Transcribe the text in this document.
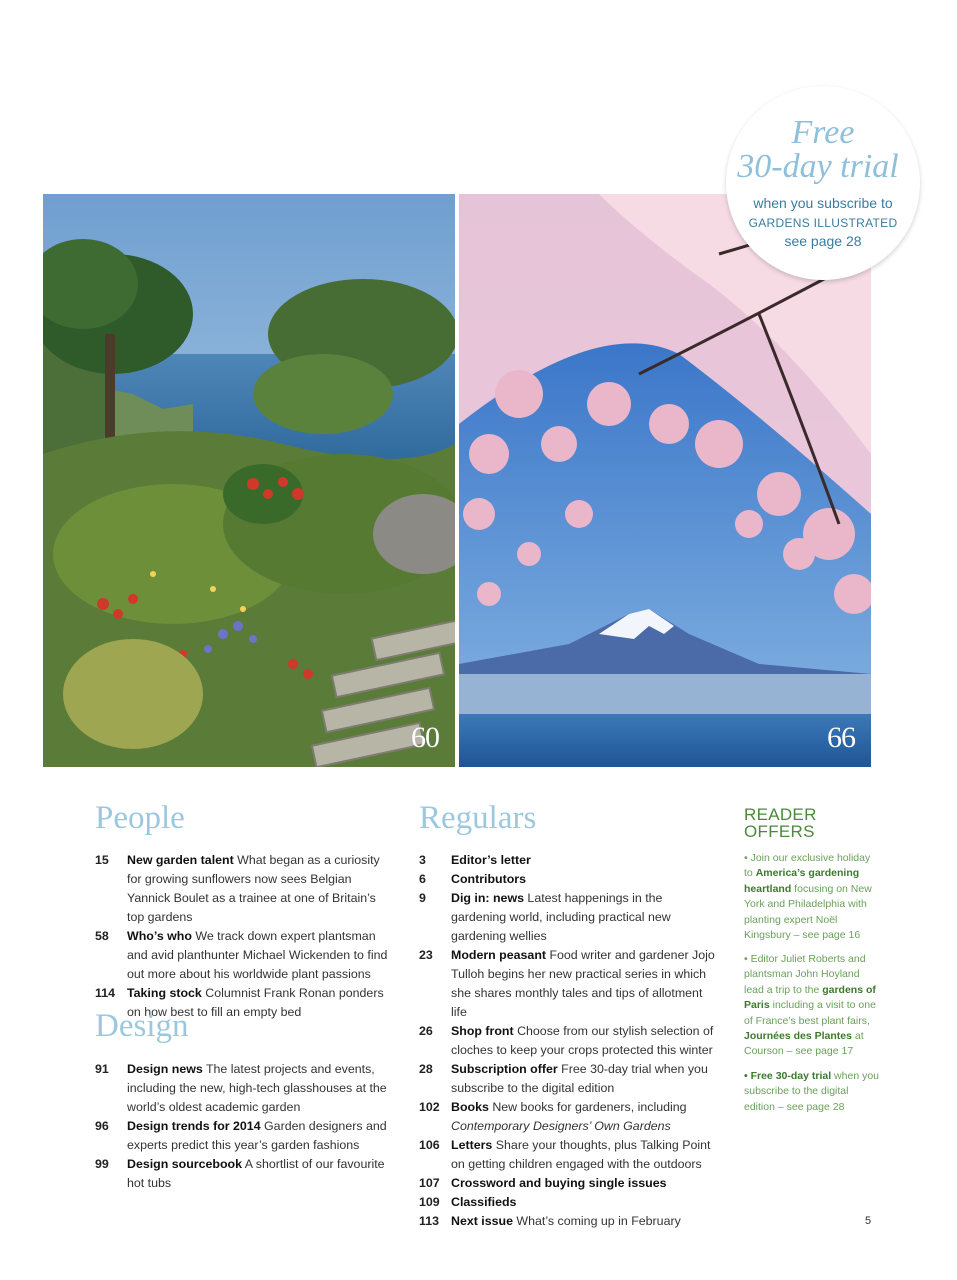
60	66
Free
30-day trial
when you subscribe to
GARDENS ILLUSTRATED
see page 28
People
15	New garden talent What began as a curiosity for growing sunflowers now sees Belgian Yannick Boulet as a trainee at one of Britain’s top gardens
58	Who’s who We track down expert plantsman and avid planthunter Michael Wickenden to find out more about his worldwide plant passions
114 Taking stock Columnist Frank Ronan ponders on how best to fill an empty bed
Design
91	Design news The latest projects and events, including the new, high-tech glasshouses at the world’s oldest academic garden
96	Design trends for 2014 Garden designers and experts predict this year’s garden fashions
99	Design sourcebook A shortlist of our favourite hot tubs
Regulars
3	Editor’s letter
6	Contributors
9	Dig in: news Latest happenings in the gardening world, including practical new gardening wellies
23	Modern peasant Food writer and gardener Jojo Tulloh begins her new practical series in which she shares monthly tales and tips of allotment life
26	Shop front Choose from our stylish selection of cloches to keep your crops protected this winter
28	Subscription offer Free 30-day trial when you subscribe to the digital edition
102 Books New books for gardeners, including Contemporary Designers’ Own Gardens
106 Letters Share your thoughts, plus Talking Point on getting children engaged with the outdoors
107 Crossword and buying single issues
109 Classifieds
113 Next issue What’s coming up in February
READER OFFERS
• Join our exclusive holiday to America’s gardening heartland focusing on New York and Philadelphia with planting expert Noël Kingsbury – see page 16
• Editor Juliet Roberts and plantsman John Hoyland lead a trip to the gardens of Paris including a visit to one of France’s best plant fairs, Journées des Plantes at Courson – see page 17
• Free 30-day trial when you subscribe to the digital edition – see page 28
5
